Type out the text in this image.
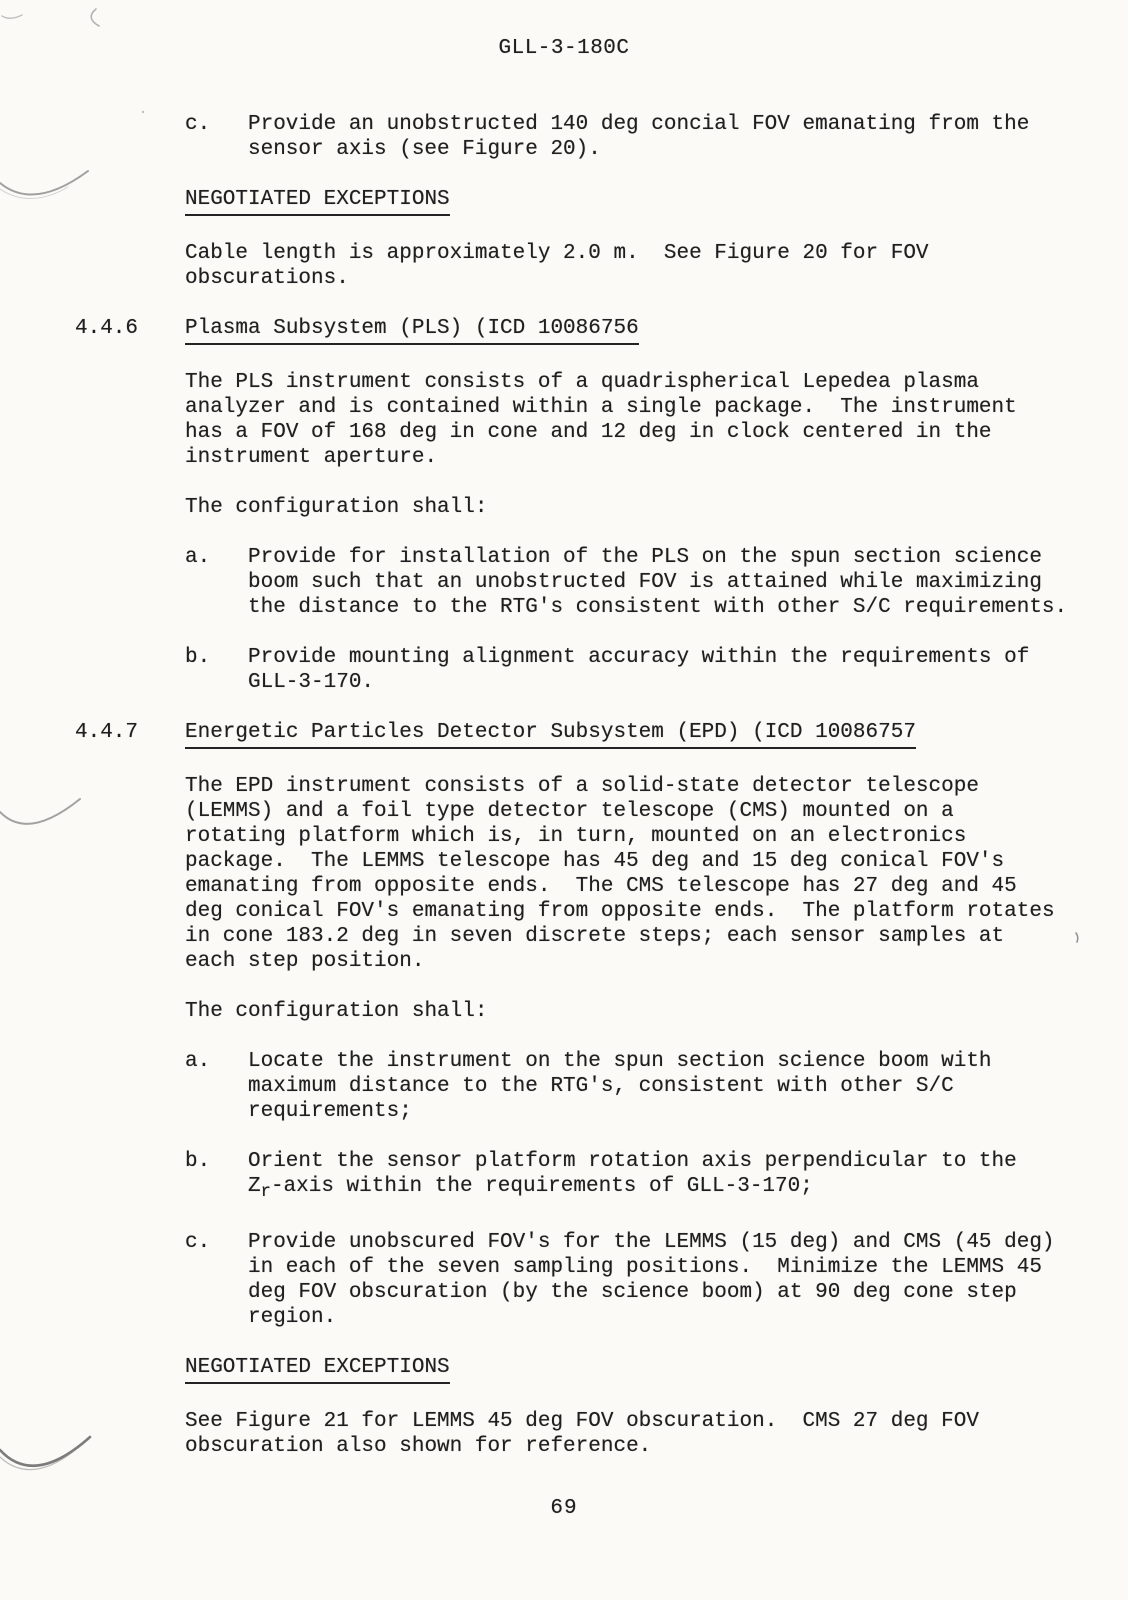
GLL-3-180C
c.	Provide an unobstructed 140 deg concial FOV emanating from the
sensor axis (see Figure 20).
NEGOTIATED EXCEPTIONS
Cable length is approximately 2.0 m.  See Figure 20 for FOV
obscurations.
4.4.6	Plasma Subsystem (PLS) (ICD 10086756
The PLS instrument consists of a quadrispherical Lepedea plasma
analyzer and is contained within a single package.  The instrument
has a FOV of 168 deg in cone and 12 deg in clock centered in the
instrument aperture.
The configuration shall:
a.	Provide for installation of the PLS on the spun section science
boom such that an unobstructed FOV is attained while maximizing
the distance to the RTG's consistent with other S/C requirements.
b.	Provide mounting alignment accuracy within the requirements of
GLL-3-170.
4.4.7	Energetic Particles Detector Subsystem (EPD) (ICD 10086757
The EPD instrument consists of a solid-state detector telescope
(LEMMS) and a foil type detector telescope (CMS) mounted on a
rotating platform which is, in turn, mounted on an electronics
package.  The LEMMS telescope has 45 deg and 15 deg conical FOV's
emanating from opposite ends.  The CMS telescope has 27 deg and 45
deg conical FOV's emanating from opposite ends.  The platform rotates
in cone 183.2 deg in seven discrete steps; each sensor samples at
each step position.
The configuration shall:
a.	Locate the instrument on the spun section science boom with
maximum distance to the RTG's, consistent with other S/C
requirements;
b.	Orient the sensor platform rotation axis perpendicular to the
$Z_r$-axis within the requirements of GLL-3-170;
c.	Provide unobscured FOV's for the LEMMS (15 deg) and CMS (45 deg)
in each of the seven sampling positions.  Minimize the LEMMS 45
deg FOV obscuration (by the science boom) at 90 deg cone step
region.
NEGOTIATED EXCEPTIONS
See Figure 21 for LEMMS 45 deg FOV obscuration.  CMS 27 deg FOV
obscuration also shown for reference.
69
